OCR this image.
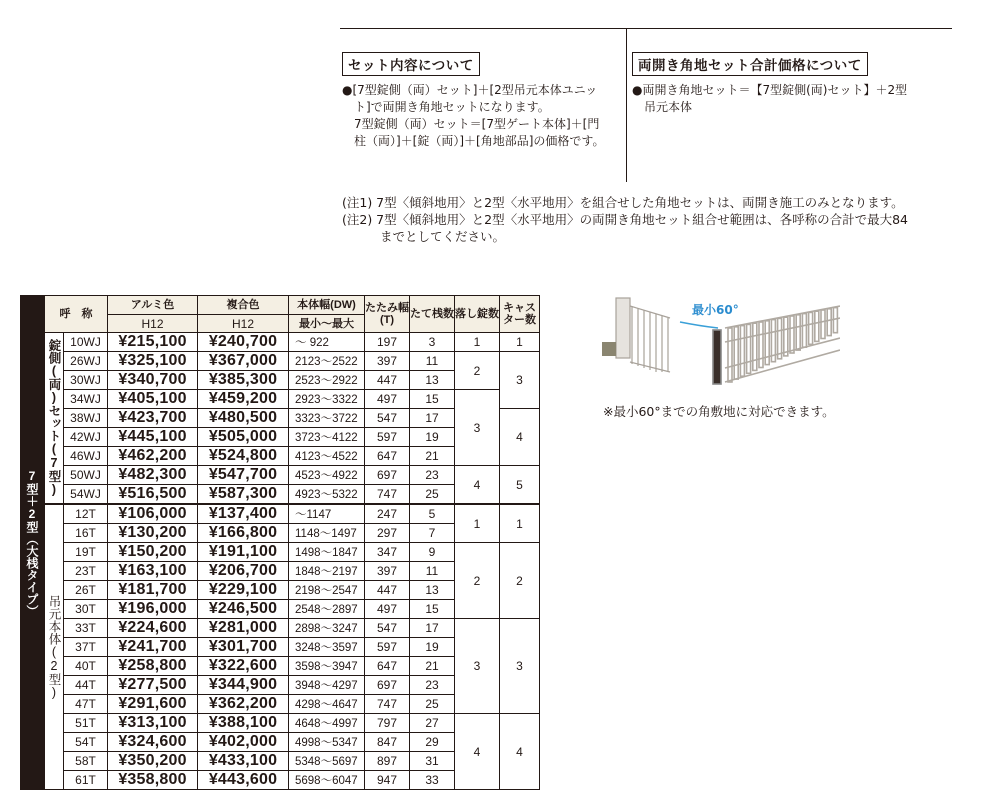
セット内容について
●[7型錠側（両）セット]＋[2型吊元本体ユニッ
ト]で両開き角地セットになります。
7型錠側（両）セット＝[7型ゲート本体]＋[門
柱（両）]＋[錠（両）]＋[角地部品]の価格です。
両開き角地セット合計価格について
●両開き角地セット＝【7型錠側(両)セット】＋2型
吊元本体
(注1) 7型〈傾斜地用〉と2型〈水平地用〉を組合せした角地セットは、両開き施工のみとなります。
(注2) 7型〈傾斜地用〉と2型〈水平地用〉の両開き角地セット組合せ範囲は、各呼称の合計で最大84
までとしてください。
7型＋2型（大桟タイプ）	呼　称		アルミ色	複合色	本体幅(DW)	たたみ幅(T)	たて桟数	落し錠数	キャスター数
			H12	H12	最小〜最大				
	錠側(両)セット(7型)	10WJ	¥215,100	¥240,700	〜 922	197	3	1	1
		26WJ	¥325,100	¥367,000	2123〜2522	397	11	2	3
		30WJ	¥340,700	¥385,300	2523〜2922	447	13		
		34WJ	¥405,100	¥459,200	2923〜3322	497	15	3	
		38WJ	¥423,700	¥480,500	3323〜3722	547	17		4
		42WJ	¥445,100	¥505,000	3723〜4122	597	19		
		46WJ	¥462,200	¥524,800	4123〜4522	647	21		
		50WJ	¥482,300	¥547,700	4523〜4922	697	23	4	5
		54WJ	¥516,500	¥587,300	4923〜5322	747	25		
	吊元本体(2型)	12T	¥106,000	¥137,400	〜1147	247	5	1	1
		16T	¥130,200	¥166,800	1148〜1497	297	7		
		19T	¥150,200	¥191,100	1498〜1847	347	9	2	2
		23T	¥163,100	¥206,700	1848〜2197	397	11		
		26T	¥181,700	¥229,100	2198〜2547	447	13		
		30T	¥196,000	¥246,500	2548〜2897	497	15		
		33T	¥224,600	¥281,000	2898〜3247	547	17	3	3
		37T	¥241,700	¥301,700	3248〜3597	597	19		
		40T	¥258,800	¥322,600	3598〜3947	647	21		
		44T	¥277,500	¥344,900	3948〜4297	697	23		
		47T	¥291,600	¥362,200	4298〜4647	747	25		
		51T	¥313,100	¥388,100	4648〜4997	797	27	4	4
		54T	¥324,600	¥402,000	4998〜5347	847	29		
		58T	¥350,200	¥433,100	5348〜5697	897	31		
		61T	¥358,800	¥443,600	5698〜6047	947	33		
最小60°
※最小60°までの角敷地に対応できます。
